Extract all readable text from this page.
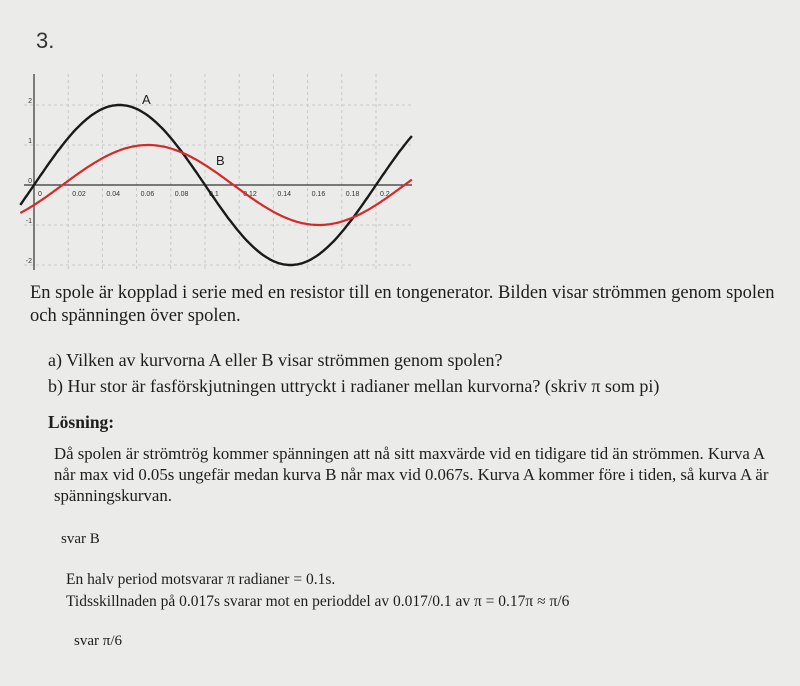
3.
0	0.02	0.04	0.06	0.08	0.1	0.12	0.14	0.16	0.18	0.2
2
1
0
-1
-2
A
B
En spole är kopplad i serie med en resistor till en tongenerator. Bilden visar strömmen genom spolen och spänningen över spolen.
a) Vilken av kurvorna A eller B visar strömmen genom spolen?
b) Hur stor är fasförskjutningen uttryckt i radianer mellan kurvorna? (skriv π som pi)
Lösning:
Då spolen är strömtrög kommer spänningen att nå sitt maxvärde vid en tidigare tid än strömmen. Kurva A når max vid 0.05s ungefär medan kurva B når max vid 0.067s. Kurva A kommer före i tiden, så kurva A är spänningskurvan.
svar B
En halv period motsvarar π radianer = 0.1s.
Tidsskillnaden på 0.017s svarar mot en perioddel av 0.017/0.1 av π = 0.17π ≈ π/6
svar π/6
